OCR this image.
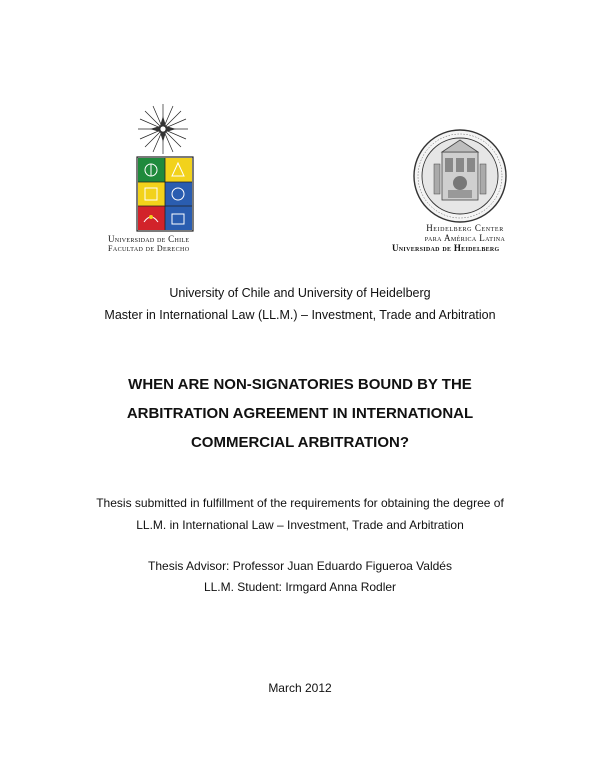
Universidad de Chile
Facultad de Derecho
Heidelberg Center
para América Latina
Universidad de Heidelberg
University of Chile and University of Heidelberg
Master in International Law (LL.M.) – Investment, Trade and Arbitration
WHEN ARE NON-SIGNATORIES BOUND BY THE
ARBITRATION AGREEMENT IN INTERNATIONAL
COMMERCIAL ARBITRATION?
Thesis submitted in fulfillment of the requirements for obtaining the degree of
LL.M. in International Law – Investment, Trade and Arbitration
Thesis Advisor: Professor Juan Eduardo Figueroa Valdés
LL.M. Student: Irmgard Anna Rodler
March 2012
